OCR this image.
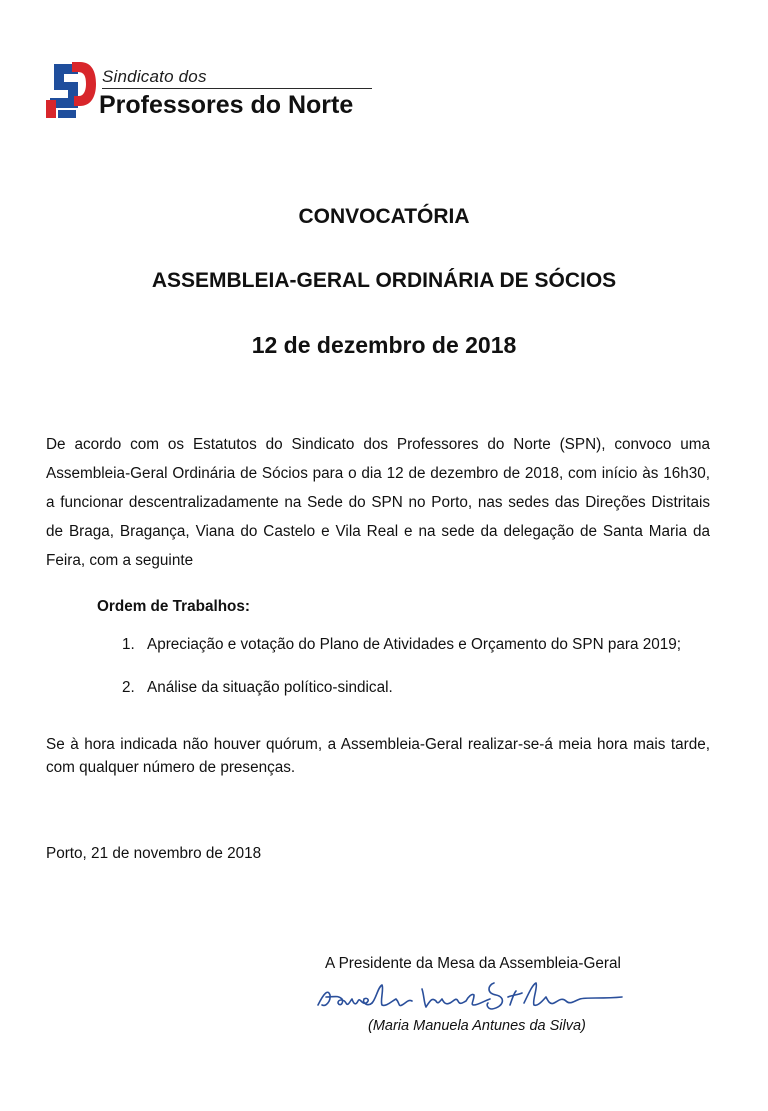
Sindicato dos
Professores do Norte
CONVOCATÓRIA
ASSEMBLEIA-GERAL ORDINÁRIA DE SÓCIOS
12 de dezembro de 2018
De acordo com os Estatutos do Sindicato dos Professores do Norte (SPN), convoco uma Assembleia-Geral Ordinária de Sócios para o dia 12 de dezembro de 2018, com início às 16h30, a funcionar descentralizadamente na Sede do SPN no Porto, nas sedes das Direções Distritais de Braga, Bragança, Viana do Castelo e Vila Real e na sede da delegação de Santa Maria da Feira, com a seguinte
Ordem de Trabalhos:
1. Apreciação e votação do Plano de Atividades e Orçamento do SPN para 2019;
2. Análise da situação político-sindical.
Se à hora indicada não houver quórum, a Assembleia-Geral realizar-se-á meia hora mais tarde, com qualquer número de presenças.
Porto, 21 de novembro de 2018
A Presidente da Mesa da Assembleia-Geral
(Maria Manuela Antunes da Silva)
